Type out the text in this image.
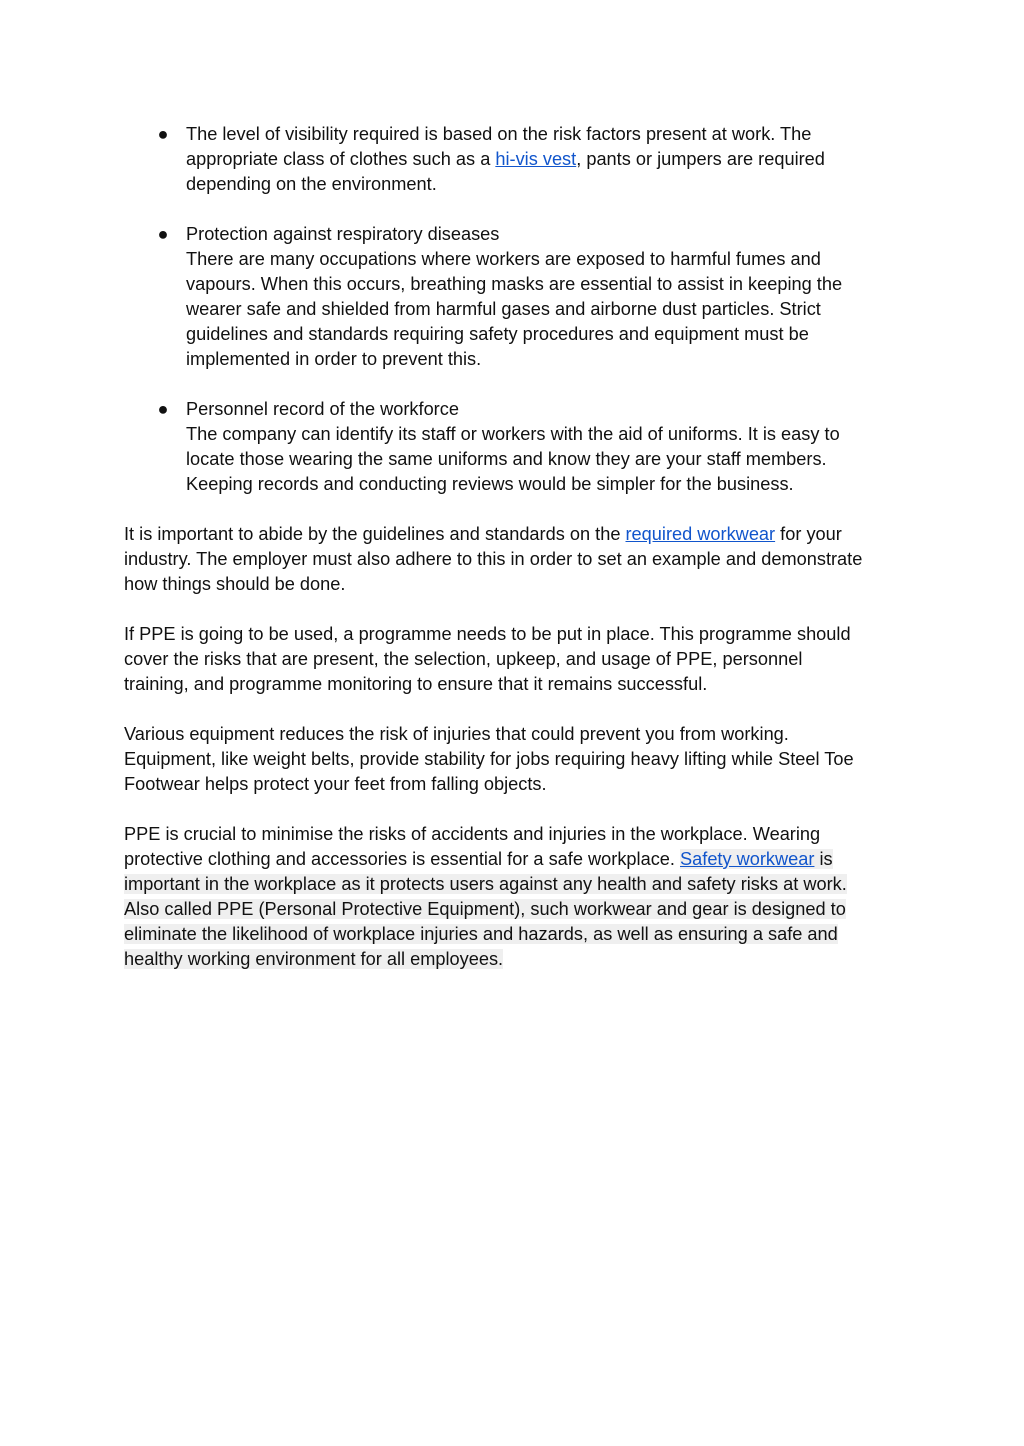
● The level of visibility required is based on the risk factors present at work. The
appropriate class of clothes such as a hi-vis vest, pants or jumpers are required
depending on the environment.
● Protection against respiratory diseases
There are many occupations where workers are exposed to harmful fumes and
vapours. When this occurs, breathing masks are essential to assist in keeping the
wearer safe and shielded from harmful gases and airborne dust particles. Strict
guidelines and standards requiring safety procedures and equipment must be
implemented in order to prevent this.
● Personnel record of the workforce
The company can identify its staff or workers with the aid of uniforms. It is easy to
locate those wearing the same uniforms and know they are your staff members.
Keeping records and conducting reviews would be simpler for the business.

It is important to abide by the guidelines and standards on the required workwear for your
industry. The employer must also adhere to this in order to set an example and demonstrate
how things should be done.

If PPE is going to be used, a programme needs to be put in place. This programme should
cover the risks that are present, the selection, upkeep, and usage of PPE, personnel
training, and programme monitoring to ensure that it remains successful.

Various equipment reduces the risk of injuries that could prevent you from working.
Equipment, like weight belts, provide stability for jobs requiring heavy lifting while Steel Toe
Footwear helps protect your feet from falling objects.

PPE is crucial to minimise the risks of accidents and injuries in the workplace. Wearing
protective clothing and accessories is essential for a safe workplace. Safety workwear is
important in the workplace as it protects users against any health and safety risks at work.
Also called PPE (Personal Protective Equipment), such workwear and gear is designed to
eliminate the likelihood of workplace injuries and hazards, as well as ensuring a safe and
healthy working environment for all employees.
